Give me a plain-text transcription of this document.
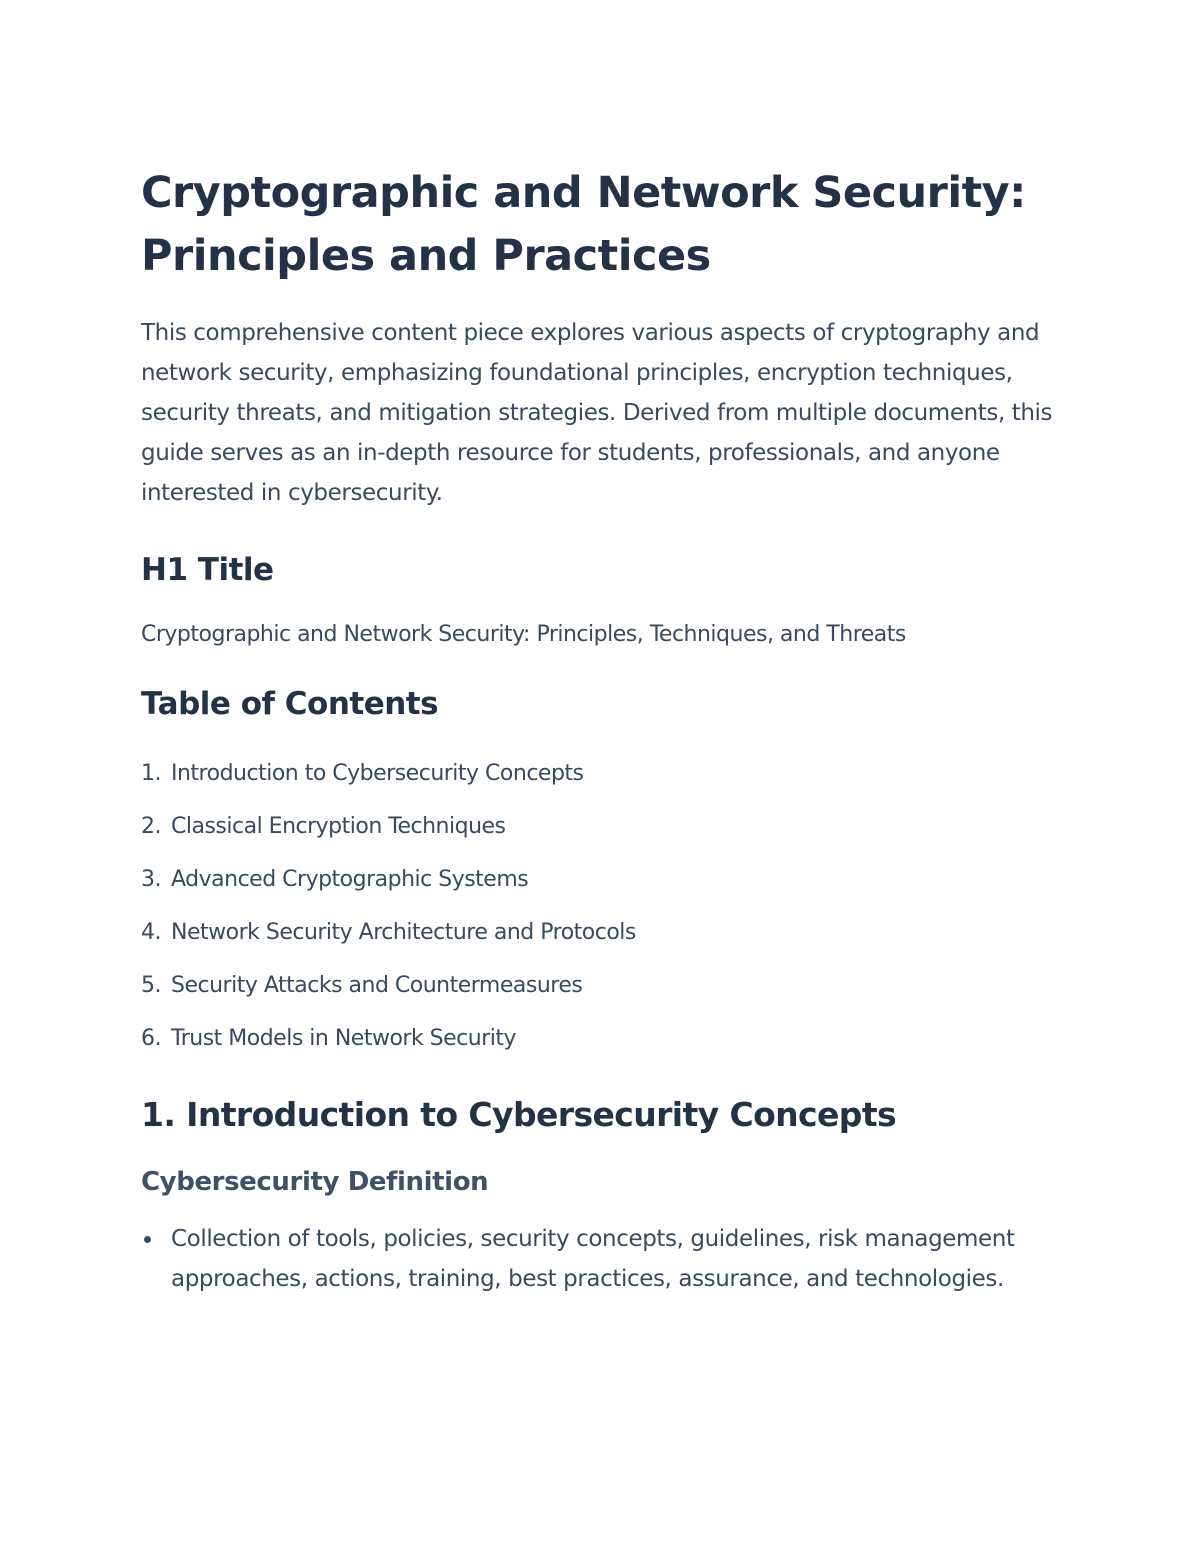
Cryptographic and Network Security: Principles and Practices

This comprehensive content piece explores various aspects of cryptography and network security, emphasizing foundational principles, encryption techniques, security threats, and mitigation strategies. Derived from multiple documents, this guide serves as an in-depth resource for students, professionals, and anyone interested in cybersecurity.

H1 Title

Cryptographic and Network Security: Principles, Techniques, and Threats

Table of Contents
1. Introduction to Cybersecurity Concepts
2. Classical Encryption Techniques
3. Advanced Cryptographic Systems
4. Network Security Architecture and Protocols
5. Security Attacks and Countermeasures
6. Trust Models in Network Security
1. Introduction to Cybersecurity Concepts
Cybersecurity Definition
Collection of tools, policies, security concepts, guidelines, risk management approaches, actions, training, best practices, assurance, and technologies.
